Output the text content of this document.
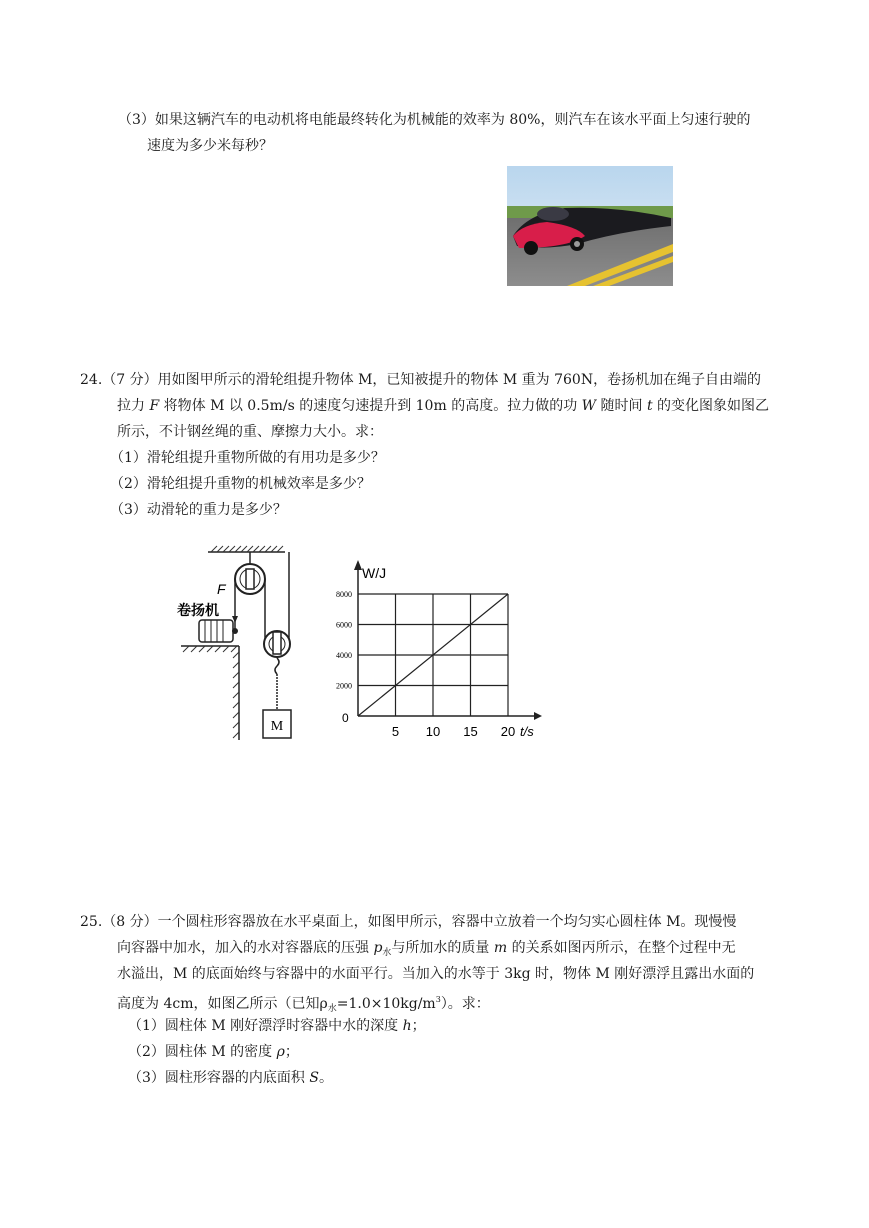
（3）如果这辆汽车的电动机将电能最终转化为机械能的效率为 80%，则汽车在该水平面上匀速行驶的
速度为多少米每秒？
24.（7 分）用如图甲所示的滑轮组提升物体 M，已知被提升的物体 M 重为 760N，卷扬机加在绳子自由端的
拉力 F 将物体 M 以 0.5m/s 的速度匀速提升到 10m 的高度。拉力做的功 W 随时间 t 的变化图象如图乙
所示，不计钢丝绳的重、摩擦力大小。求：
（1）滑轮组提升重物所做的有用功是多少？
（2）滑轮组提升重物的机械效率是多少？
（3）动滑轮的重力是多少？
F
M
卷扬机
W/J
0
5 10 15 20
2000
4000
6000
8000
t/s
25.（8 分）一个圆柱形容器放在水平桌面上，如图甲所示，容器中立放着一个均匀实心圆柱体 M。现慢慢
向容器中加水，加入的水对容器底的压强 $p_水$与所加水的质量 m 的关系如图丙所示，在整个过程中无
水溢出，M 的底面始终与容器中的水面平行。当加入的水等于 3kg 时，物体 M 刚好漂浮且露出水面的
高度为 4cm，如图乙所示（已知$\rho_水=1.0\times 10kg/m^3$）。求：
（1）圆柱体 M 刚好漂浮时容器中水的深度 h；
（2）圆柱体 M 的密度 ρ；
（3）圆柱形容器的内底面积 S。
